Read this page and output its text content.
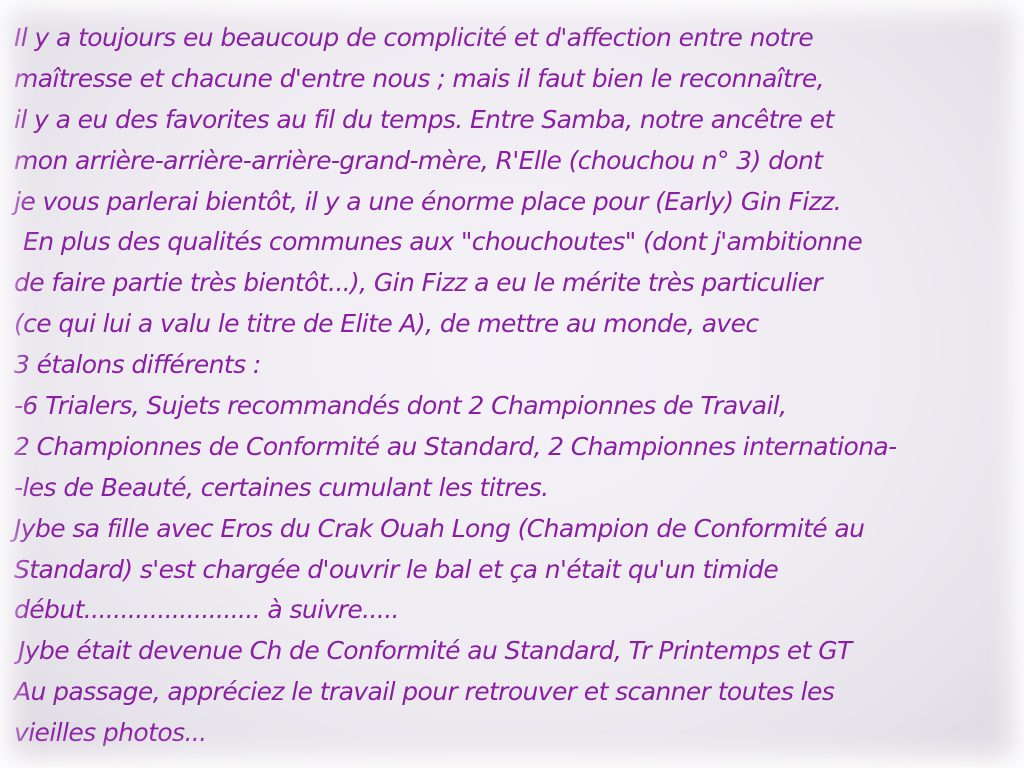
Il y a toujours eu beaucoup de complicité et d'affection entre notre
maîtresse et chacune d'entre nous ; mais il faut bien le reconnaître,
il y a eu des favorites au fil du temps. Entre Samba, notre ancêtre et
mon arrière-arrière-arrière-grand-mère, R'Elle (chouchou n° 3) dont
je vous parlerai bientôt, il y a une énorme place pour (Early) Gin Fizz.
En plus des qualités communes aux "chouchoutes" (dont j'ambitionne
de faire partie très bientôt...), Gin Fizz a eu le mérite très particulier
(ce qui lui a valu le titre de Elite A), de mettre au monde, avec
3 étalons différents :
-6 Trialers, Sujets recommandés dont 2 Championnes de Travail,
2 Championnes de Conformité au Standard, 2 Championnes internationa-
-les de Beauté, certaines cumulant les titres.
Jybe sa fille avec Eros du Crak Ouah Long (Champion de Conformité au
Standard) s'est chargée d'ouvrir le bal et ça n'était qu'un timide
début........................ à suivre.....
Jybe était devenue Ch de Conformité au Standard, Tr Printemps et GT
Au passage, appréciez le travail pour retrouver et scanner toutes les
vieilles photos...
